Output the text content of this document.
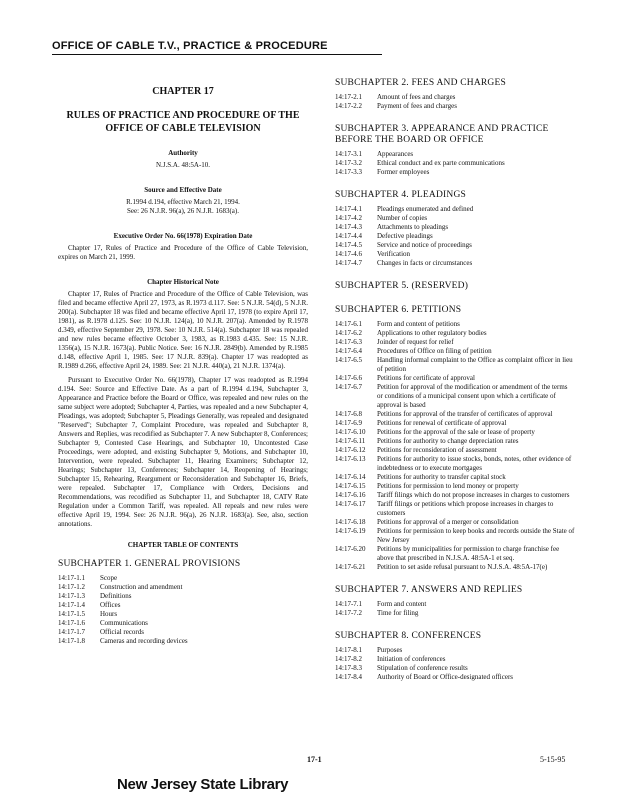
OFFICE OF CABLE T.V., PRACTICE & PROCEDURE
CHAPTER 17
RULES OF PRACTICE AND PROCEDURE OF THE OFFICE OF CABLE TELEVISION
Authority
N.J.S.A. 48:5A-10.
Source and Effective Date
R.1994 d.194, effective March 21, 1994.
See: 26 N.J.R. 96(a), 26 N.J.R. 1683(a).
Executive Order No. 66(1978) Expiration Date
Chapter 17, Rules of Practice and Procedure of the Office of Cable Television, expires on March 21, 1999.
Chapter Historical Note
Chapter 17, Rules of Practice and Procedure of the Office of Cable Television, was filed and became effective April 27, 1973, as R.1973 d.117. See: 5 N.J.R. 54(d), 5 N.J.R. 200(a). Subchapter 18 was filed and became effective April 17, 1978 (to expire April 17, 1981), as R.1978 d.125. See: 10 N.J.R. 124(a), 10 N.J.R. 207(a). Amended by R.1978 d.349, effective September 29, 1978. See: 10 N.J.R. 514(a). Subchapter 18 was repealed and new rules became effective October 3, 1983, as R.1983 d.435. See: 15 N.J.R. 1356(a), 15 N.J.R. 1673(a). Public Notice. See: 16 N.J.R. 2849(b). Amended by R.1985 d.148, effective April 1, 1985. See: 17 N.J.R. 839(a). Chapter 17 was readopted as R.1989 d.266, effective April 24, 1989. See: 21 N.J.R. 440(a), 21 N.J.R. 1374(a).
Pursuant to Executive Order No. 66(1978), Chapter 17 was readopted as R.1994 d.194. See: Source and Effective Date. As a part of R.1994 d.194, Subchapter 3, Appearance and Practice before the Board or Office, was repealed and new rules on the same subject were adopted; Subchapter 4, Parties, was repealed and a new Subchapter 4, Pleadings, was adopted; Subchapter 5, Pleadings Generally, was repealed and designated "Reserved"; Subchapter 7, Complaint Procedure, was repealed and Subchapter 8, Answers and Replies, was recodified as Subchapter 7. A new Subchapter 8, Conferences; Subchapter 9, Contested Case Hearings, and Subchapter 10, Uncontested Case Proceedings, were adopted, and existing Subchapter 9, Motions, and Subchapter 10, Intervention, were repealed. Subchapter 11, Hearing Examiners; Subchapter 12, Hearings; Subchapter 13, Conferences; Subchapter 14, Reopening of Hearings; Subchapter 15, Rehearing, Reargument or Reconsideration and Subchapter 16, Briefs, were repealed. Subchapter 17, Compliance with Orders, Decisions and Recommendations, was recodified as Subchapter 11, and Subchapter 18, CATV Rate Regulation under a Common Tariff, was repealed. All repeals and new rules were effective April 19, 1994. See: 26 N.J.R. 96(a), 26 N.J.R. 1683(a). See, also, section annotations.
CHAPTER TABLE OF CONTENTS
SUBCHAPTER 1. GENERAL PROVISIONS
14:17-1.1	Scope
14:17-1.2	Construction and amendment
14:17-1.3	Definitions
14:17-1.4	Offices
14:17-1.5	Hours
14:17-1.6	Communications
14:17-1.7	Official records
14:17-1.8	Cameras and recording devices
SUBCHAPTER 2. FEES AND CHARGES
14:17-2.1	Amount of fees and charges
14:17-2.2	Payment of fees and charges
SUBCHAPTER 3. APPEARANCE AND PRACTICE BEFORE THE BOARD OR OFFICE
14:17-3.1	Appearances
14:17-3.2	Ethical conduct and ex parte communications
14:17-3.3	Former employees
SUBCHAPTER 4. PLEADINGS
14:17-4.1	Pleadings enumerated and defined
14:17-4.2	Number of copies
14:17-4.3	Attachments to pleadings
14:17-4.4	Defective pleadings
14:17-4.5	Service and notice of proceedings
14:17-4.6	Verification
14:17-4.7	Changes in facts or circumstances
SUBCHAPTER 5. (RESERVED)
SUBCHAPTER 6. PETITIONS
14:17-6.1	Form and content of petitions
14:17-6.2	Applications to other regulatory bodies
14:17-6.3	Joinder of request for relief
14:17-6.4	Procedures of Office on filing of petition
14:17-6.5	Handling informal complaint to the Office as complaint officer in lieu of petition
14:17-6.6	Petitions for certificate of approval
14:17-6.7	Petition for approval of the modification or amendment of the terms or conditions of a municipal consent upon which a certificate of approval is based
14:17-6.8	Petitions for approval of the transfer of certificates of approval
14:17-6.9	Petitions for renewal of certificate of approval
14:17-6.10	Petitions for the approval of the sale or lease of property
14:17-6.11	Petitions for authority to change depreciation rates
14:17-6.12	Petitions for reconsideration of assessment
14:17-6.13	Petitions for authority to issue stocks, bonds, notes, other evidence of indebtedness or to execute mortgages
14:17-6.14	Petitions for authority to transfer capital stock
14:17-6.15	Petitions for permission to lend money or property
14:17-6.16	Tariff filings which do not propose increases in charges to customers
14:17-6.17	Tariff filings or petitions which propose increases in charges to customers
14:17-6.18	Petitions for approval of a merger or consolidation
14:17-6.19	Petitions for permission to keep books and records outside the State of New Jersey
14:17-6.20	Petitions by municipalities for permission to charge franchise fee above that prescribed in N.J.S.A. 48:5A-1 et seq.
14:17-6.21	Petition to set aside refusal pursuant to N.J.S.A. 48:5A-17(e)
SUBCHAPTER 7. ANSWERS AND REPLIES
14:17-7.1	Form and content
14:17-7.2	Time for filing
SUBCHAPTER 8. CONFERENCES
14:17-8.1	Purposes
14:17-8.2	Initiation of conferences
14:17-8.3	Stipulation of conference results
14:17-8.4	Authority of Board or Office-designated officers
17-1	5-15-95
New Jersey State Library
